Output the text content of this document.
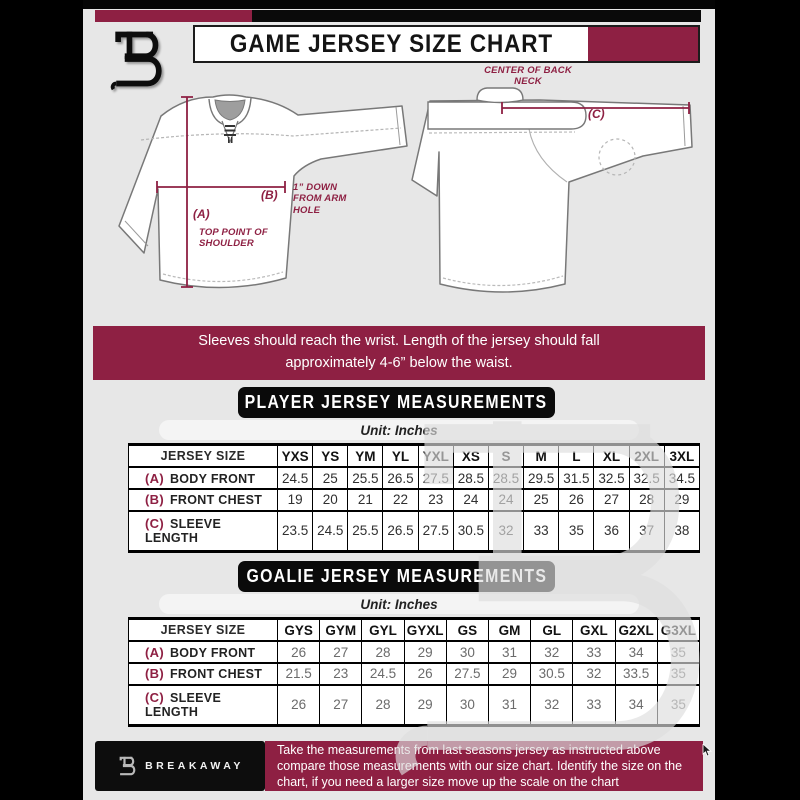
GAME JERSEY SIZE CHART
CENTER OF BACK NECK
(C)
(B)
1” DOWN FROM ARM HOLE
(A)
TOP POINT OF SHOULDER
Sleeves should reach the wrist. Length of the jersey should fall approximately 4-6” below the waist.
PLAYER JERSEY MEASUREMENTS
Unit: Inches
JERSEY SIZE	YXS	YS	YM	YL	YXL	XS	S	M	L	XL	2XL	3XL
(A) BODY FRONT	24.5	25	25.5	26.5	27.5	28.5	28.5	29.5	31.5	32.5	32.5	34.5
(B) FRONT CHEST	19	20	21	22	23	24	24	25	26	27	28	29
(C) SLEEVE LENGTH	23.5	24.5	25.5	26.5	27.5	30.5	32	33	35	36	37	38
GOALIE JERSEY MEASUREMENTS
Unit: Inches
JERSEY SIZE	GYS	GYM	GYL	GYXL	GS	GM	GL	GXL	G2XL	G3XL
(A) BODY FRONT	26	27	28	29	30	31	32	33	34	35
(B) FRONT CHEST	21.5	23	24.5	26	27.5	29	30.5	32	33.5	35
(C) SLEEVE LENGTH	26	27	28	29	30	31	32	33	34	35
BREAKAWAY
Take the measurements from last seasons jersey as instructed above compare those measurements with our size chart. Identify the size on the chart, if you need a larger size move up the scale on the chart
